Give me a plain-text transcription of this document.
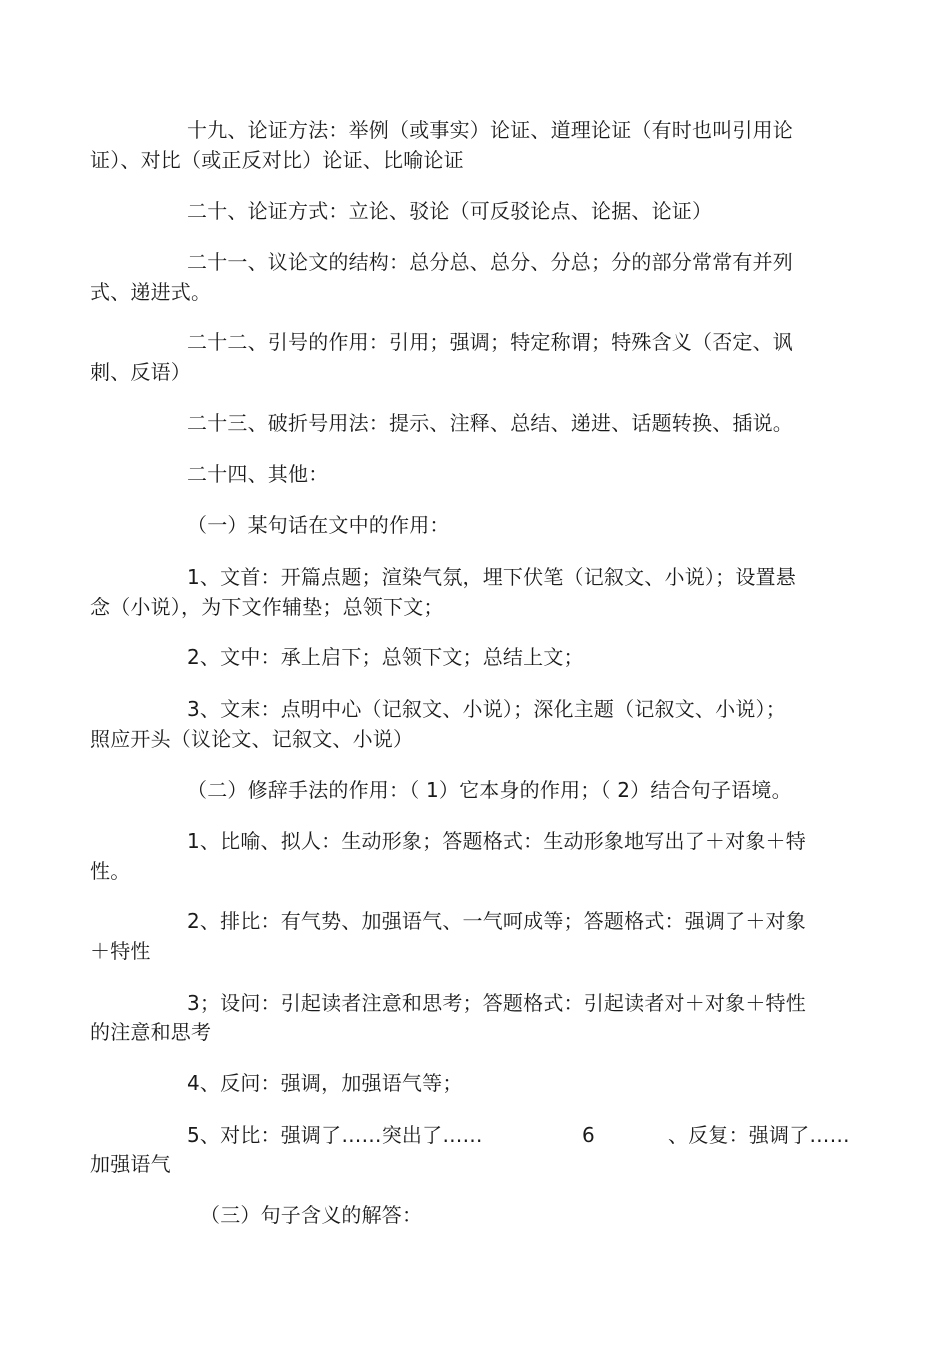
十九、论证方法：举例（或事实）论证、道理论证（有时也叫引用论
证）、对比（或正反对比）论证、比喻论证
二十、论证方式：立论、驳论（可反驳论点、论据、论证）
二十一、议论文的结构：总分总、总分、分总；分的部分常常有并列
式、递进式。
二十二、引号的作用：引用；强调；特定称谓；特殊含义（否定、讽
刺、反语）
二十三、破折号用法：提示、注释、总结、递进、话题转换、插说。
二十四、其他：
（一）某句话在文中的作用：
1、文首：开篇点题；渲染气氛，埋下伏笔（记叙文、小说）；设置悬
念（小说），为下文作辅垫；总领下文；
2、文中：承上启下；总领下文；总结上文；
3、文末：点明中心（记叙文、小说）；深化主题（记叙文、小说）；
照应开头（议论文、记叙文、小说）
（二）修辞手法的作用：（ 1）它本身的作用；（ 2）结合句子语境。
1、比喻、拟人：生动形象；答题格式：生动形象地写出了＋对象＋特
性。
2、排比：有气势、加强语气、一气呵成等；答题格式：强调了＋对象
＋特性
3；设问：引起读者注意和思考；答题格式：引起读者对＋对象＋特性
的注意和思考
4、反问：强调，加强语气等；
5、对比：强调了……突出了……	6	、反复：强调了……
加强语气
（三）句子含义的解答：
